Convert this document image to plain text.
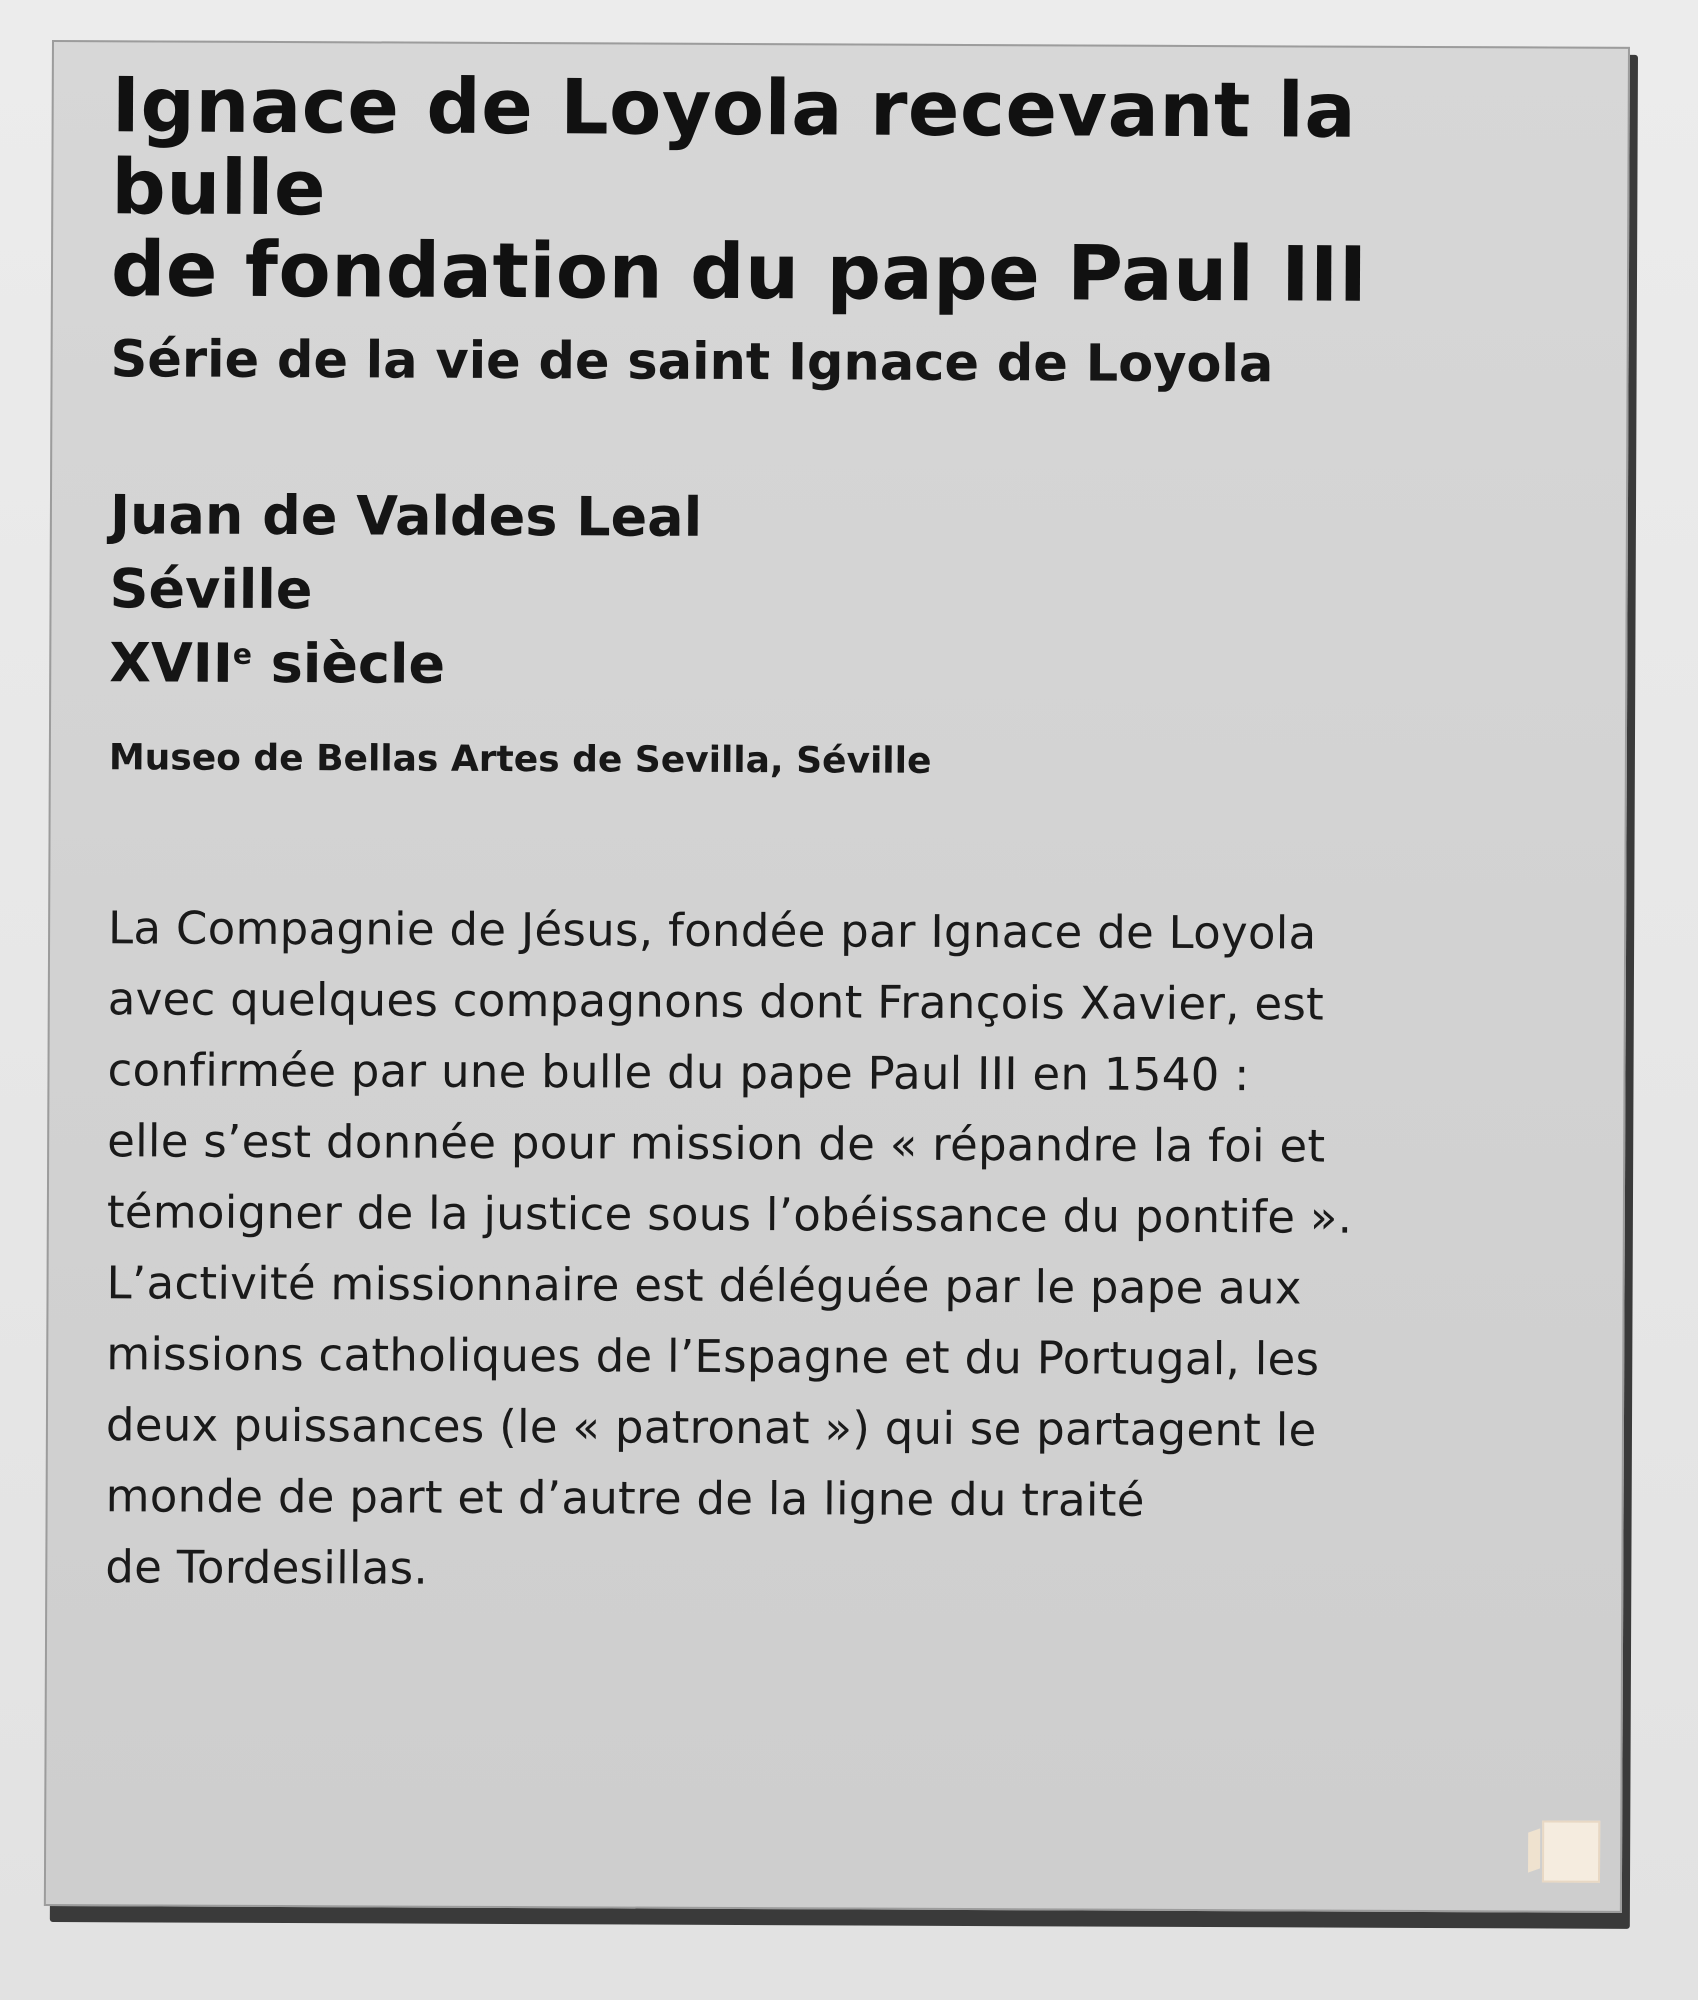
Ignace de Loyola recevant la bulle
de fondation du pape Paul III
Série de la vie de saint Ignace de Loyola
Juan de Valdes Leal
Séville
XVIIe siècle
Museo de Bellas Artes de Sevilla, Séville
La Compagnie de Jésus, fondée par Ignace de Loyola
avec quelques compagnons dont François Xavier, est
confirmée par une bulle du pape Paul III en 1540 :
elle s’est donnée pour mission de « répandre la foi et
témoigner de la justice sous l’obéissance du pontife ».
L’activité missionnaire est déléguée par le pape aux
missions catholiques de l’Espagne et du Portugal, les
deux puissances (le « patronat ») qui se partagent le
monde de part et d’autre de la ligne du traité
de Tordesillas.
